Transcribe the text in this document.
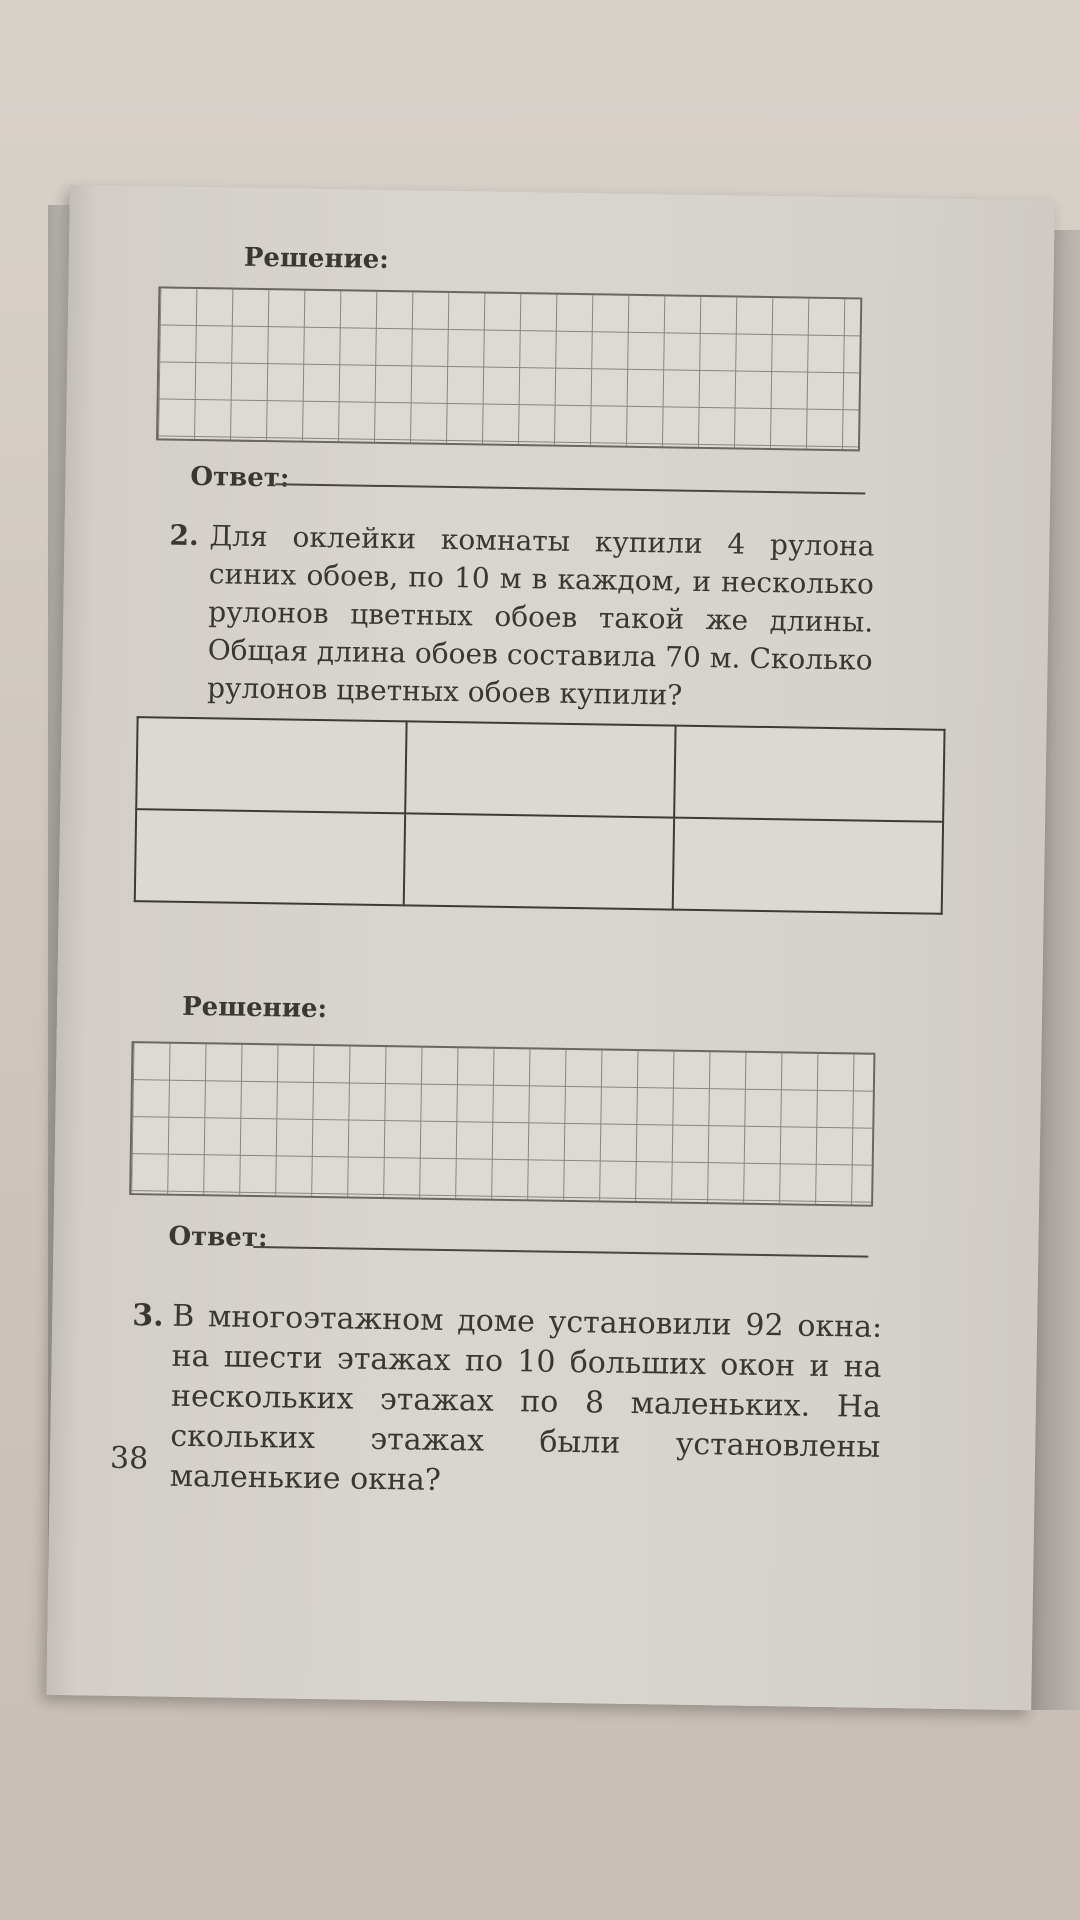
Решение:
Ответ:
2. Для оклейки комнаты купили 4 рулона синих обоев, по 10 м в каждом, и несколько рулонов цветных обоев такой же длины. Общая длина обоев составила 70 м. Сколько рулонов цветных обоев купили?

Решение:
Ответ:
3. В многоэтажном доме установили 92 окна: на шести этажах по 10 больших окон и на нескольких этажах по 8 маленьких. На скольких этажах были установлены маленькие окна?
38
